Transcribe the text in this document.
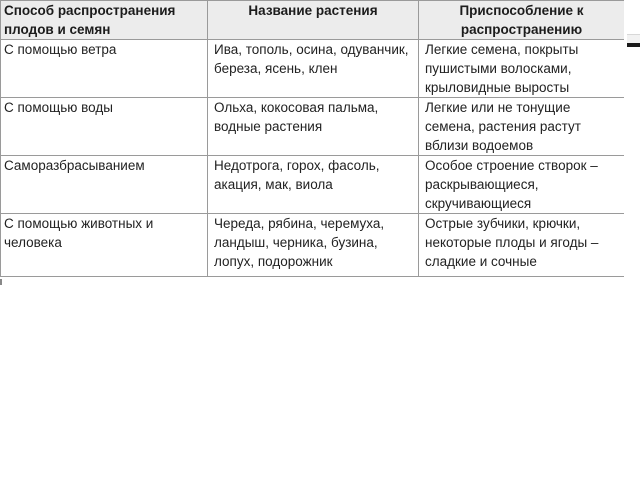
Способ распространения плодов и семян	Название растения	Приспособление к распространению
С помощью ветра	Ива, тополь, осина, одуванчик, береза, ясень, клен	Легкие семена, покрыты пушистыми волосками, крыловидные выросты
С помощью воды	Ольха, кокосовая пальма, водные растения	Легкие или не тонущие семена, растения растут вблизи водоемов
Саморазбрасыванием	Недотрога, горох, фасоль, акация, мак, виола	Особое строение створок – раскрывающиеся, скручивающиеся
С помощью животных и человека	Череда, рябина, черемуха, ландыш, черника, бузина, лопух, подорожник	Острые зубчики, крючки, некоторые плоды и ягоды – сладкие и сочные
